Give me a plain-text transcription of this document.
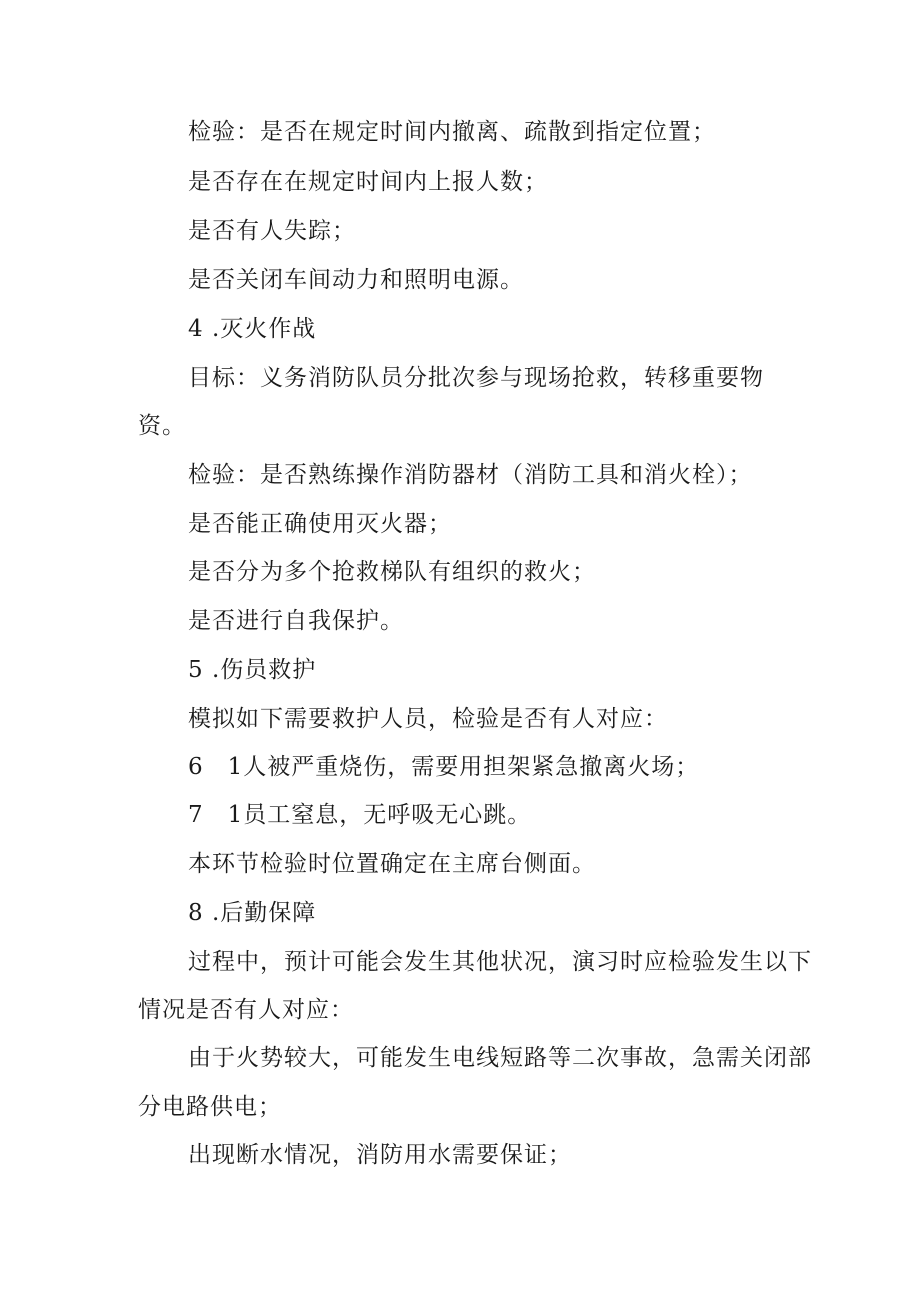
检验：是否在规定时间内撤离、疏散到指定位置；
是否存在在规定时间内上报人数；
是否有人失踪；
是否关闭车间动力和照明电源。
4 .灭火作战
目标：义务消防队员分批次参与现场抢救，转移重要物
资。
检验：是否熟练操作消防器材（消防工具和消火栓）；
是否能正确使用灭火器；
是否分为多个抢救梯队有组织的救火；
是否进行自我保护。
5 .伤员救护
模拟如下需要救护人员，检验是否有人对应：
6　1人被严重烧伤，需要用担架紧急撤离火场；
7　1员工窒息，无呼吸无心跳。
本环节检验时位置确定在主席台侧面。
8 .后勤保障
过程中，预计可能会发生其他状况，演习时应检验发生以下
情况是否有人对应：
由于火势较大，可能发生电线短路等二次事故，急需关闭部
分电路供电；
出现断水情况，消防用水需要保证；
